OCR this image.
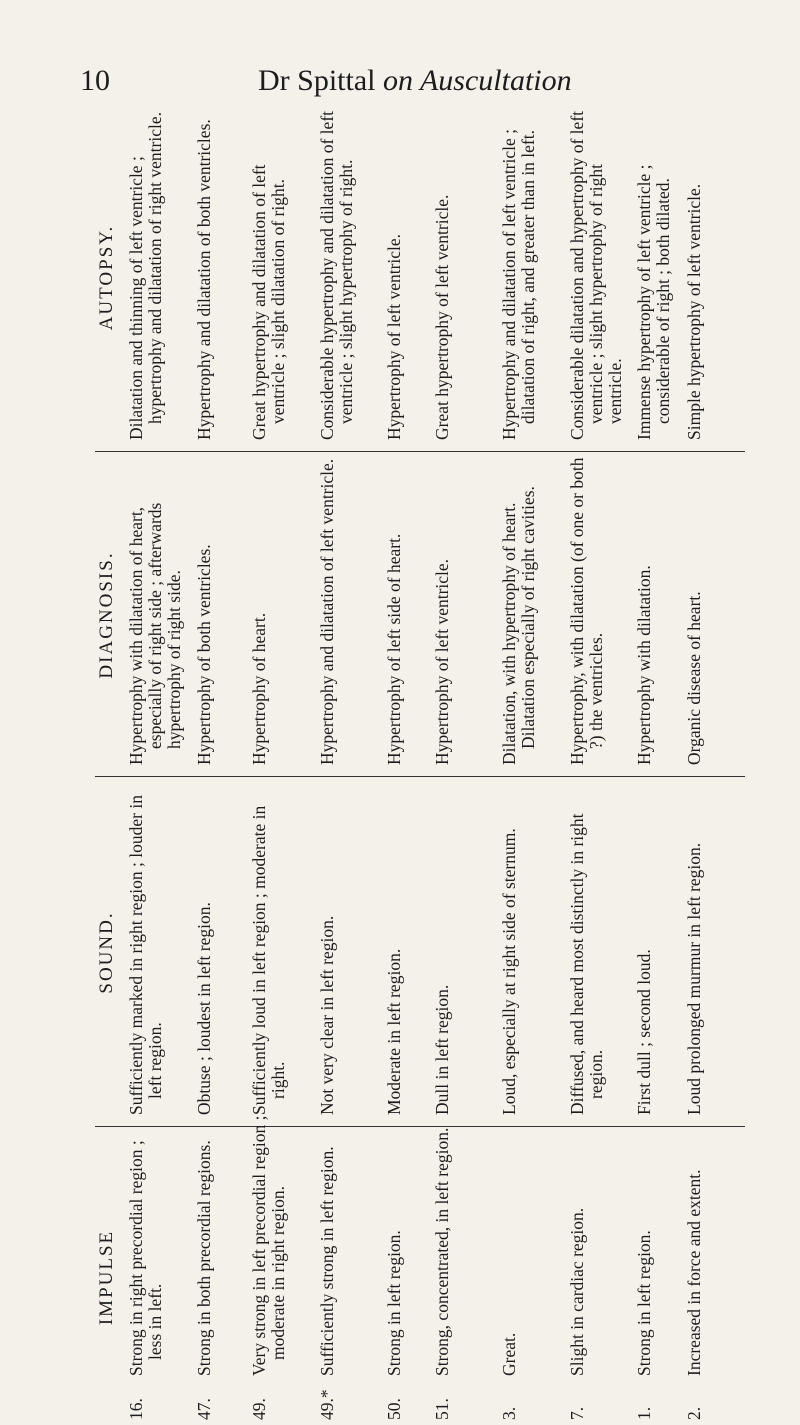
10	Dr Spittal on Auscultation
IMPULSE
SOUND.
DIAGNOSIS.
AUTOPSY.
16.
Strong in right precordial region ; less in left.
Sufficiently marked in right region ; louder in left region.
Hypertrophy with dilatation of heart, especially of right side ; afterwards hypertrophy of right side.
Dilatation and thinning of left ventricle ; hypertrophy and dilatation of right ventricle.
47.
Strong in both precordial regions.
Obtuse ; loudest in left region.
Hypertrophy of both ventricles.
Hypertrophy and dilatation of both ventricles.
49.
Very strong in left precordial region ; moderate in right region.
Sufficiently loud in left region ; moderate in right.
Hypertrophy of heart.
Great hypertrophy and dilatation of left ventricle ; slight dilatation of right.
49.*
Sufficiently strong in left region.
Not very clear in left region.
Hypertrophy and dilatation of left ventricle.
Considerable hypertrophy and dilatation of left ventricle ; slight hypertrophy of right.
50.
Strong in left region.
Moderate in left region.
Hypertrophy of left side of heart.
Hypertrophy of left ventricle.
51.
Strong, concentrated, in left region.
Dull in left region.
Hypertrophy of left ventricle.
Great hypertrophy of left ventricle.
3.
Great.
Loud, especially at right side of sternum.
Dilatation, with hypertrophy of heart. Dilatation especially of right cavities.
Hypertrophy and dilatation of left ventricle ; dilatation of right, and greater than in left.
7.
Slight in cardiac region.
Diffused, and heard most distinctly in right region.
Hypertrophy, with dilatation (of one or both ?) the ventricles.
Considerable dilatation and hypertrophy of left ventricle ; slight hypertrophy of right ventricle.
1.
Strong in left region.
First dull ; second loud.
Hypertrophy with dilatation.
Immense hypertrophy of left ventricle ; considerable of right ; both dilated.
2.
Increased in force and extent.
Loud prolonged murmur in left region.
Organic disease of heart.
Simple hypertrophy of left ventricle.
